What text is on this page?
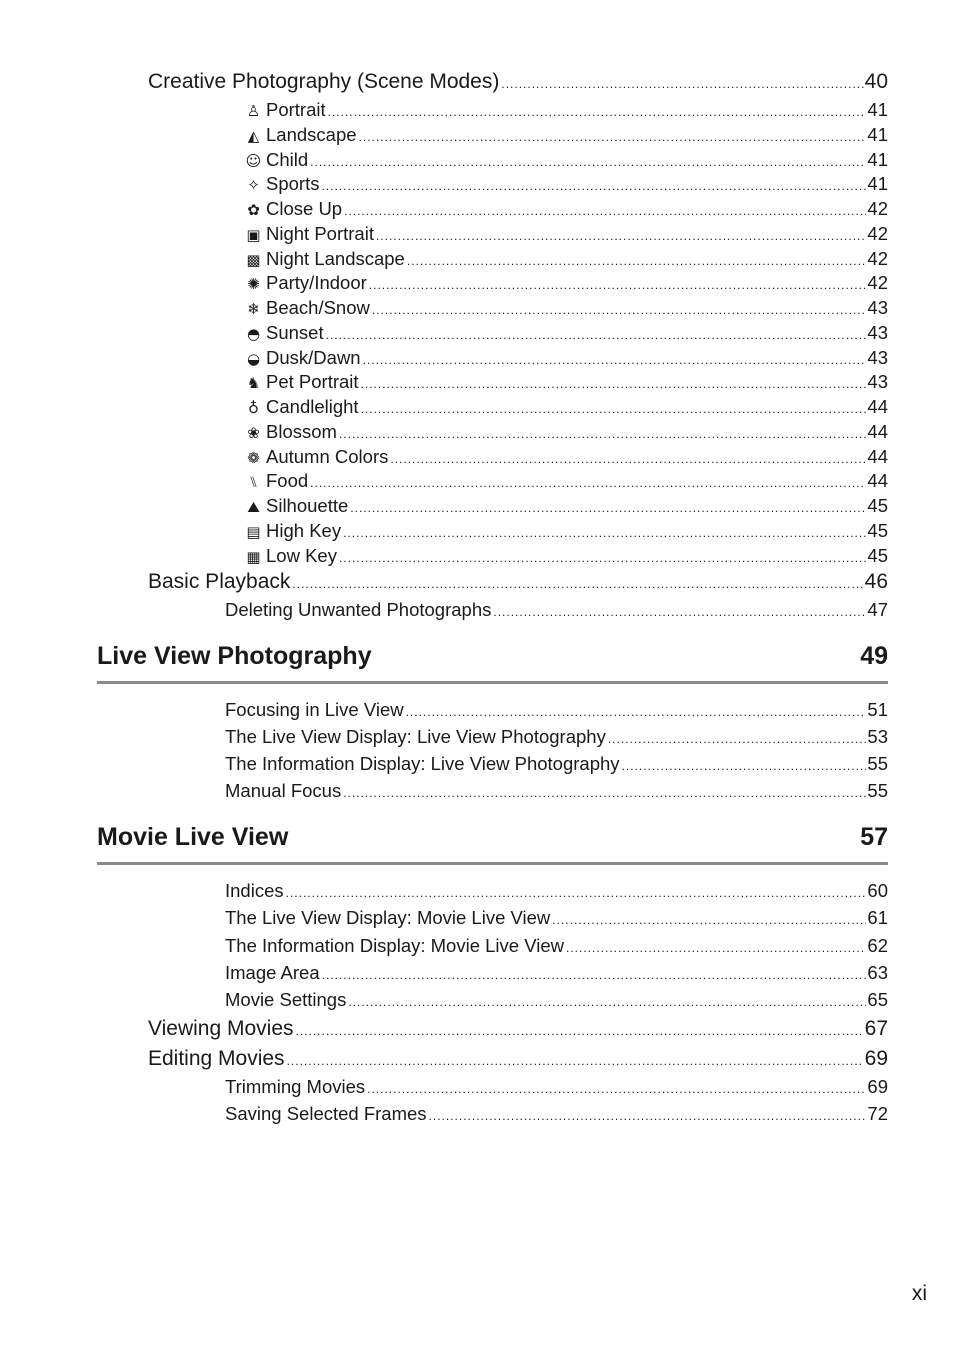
Creative Photography (Scene Modes) .....	40
♙ Portrait .....	41
◭ Landscape .....	41
☺ Child .....	41
✧ Sports .....	41
✿ Close Up .....	42
▣ Night Portrait .....	42
▩ Night Landscape .....	42
✺ Party/Indoor .....	42
❄ Beach/Snow .....	43
◓ Sunset .....	43
◒ Dusk/Dawn .....	43
♞ Pet Portrait .....	43
♁ Candlelight .....	44
❀ Blossom .....	44
❁ Autumn Colors .....	44
⑊ Food .....	44
⛰ Silhouette .....	45
▤ High Key .....	45
▦ Low Key .....	45
Basic Playback .....	46
Deleting Unwanted Photographs .....	47
Live View Photography	49
Focusing in Live View .....	51
The Live View Display: Live View Photography .....	53
The Information Display: Live View Photography .....	55
Manual Focus .....	55
Movie Live View	57
Indices .....	60
The Live View Display: Movie Live View .....	61
The Information Display: Movie Live View .....	62
Image Area .....	63
Movie Settings .....	65
Viewing Movies .....	67
Editing Movies .....	69
Trimming Movies .....	69
Saving Selected Frames .....	72
xi
